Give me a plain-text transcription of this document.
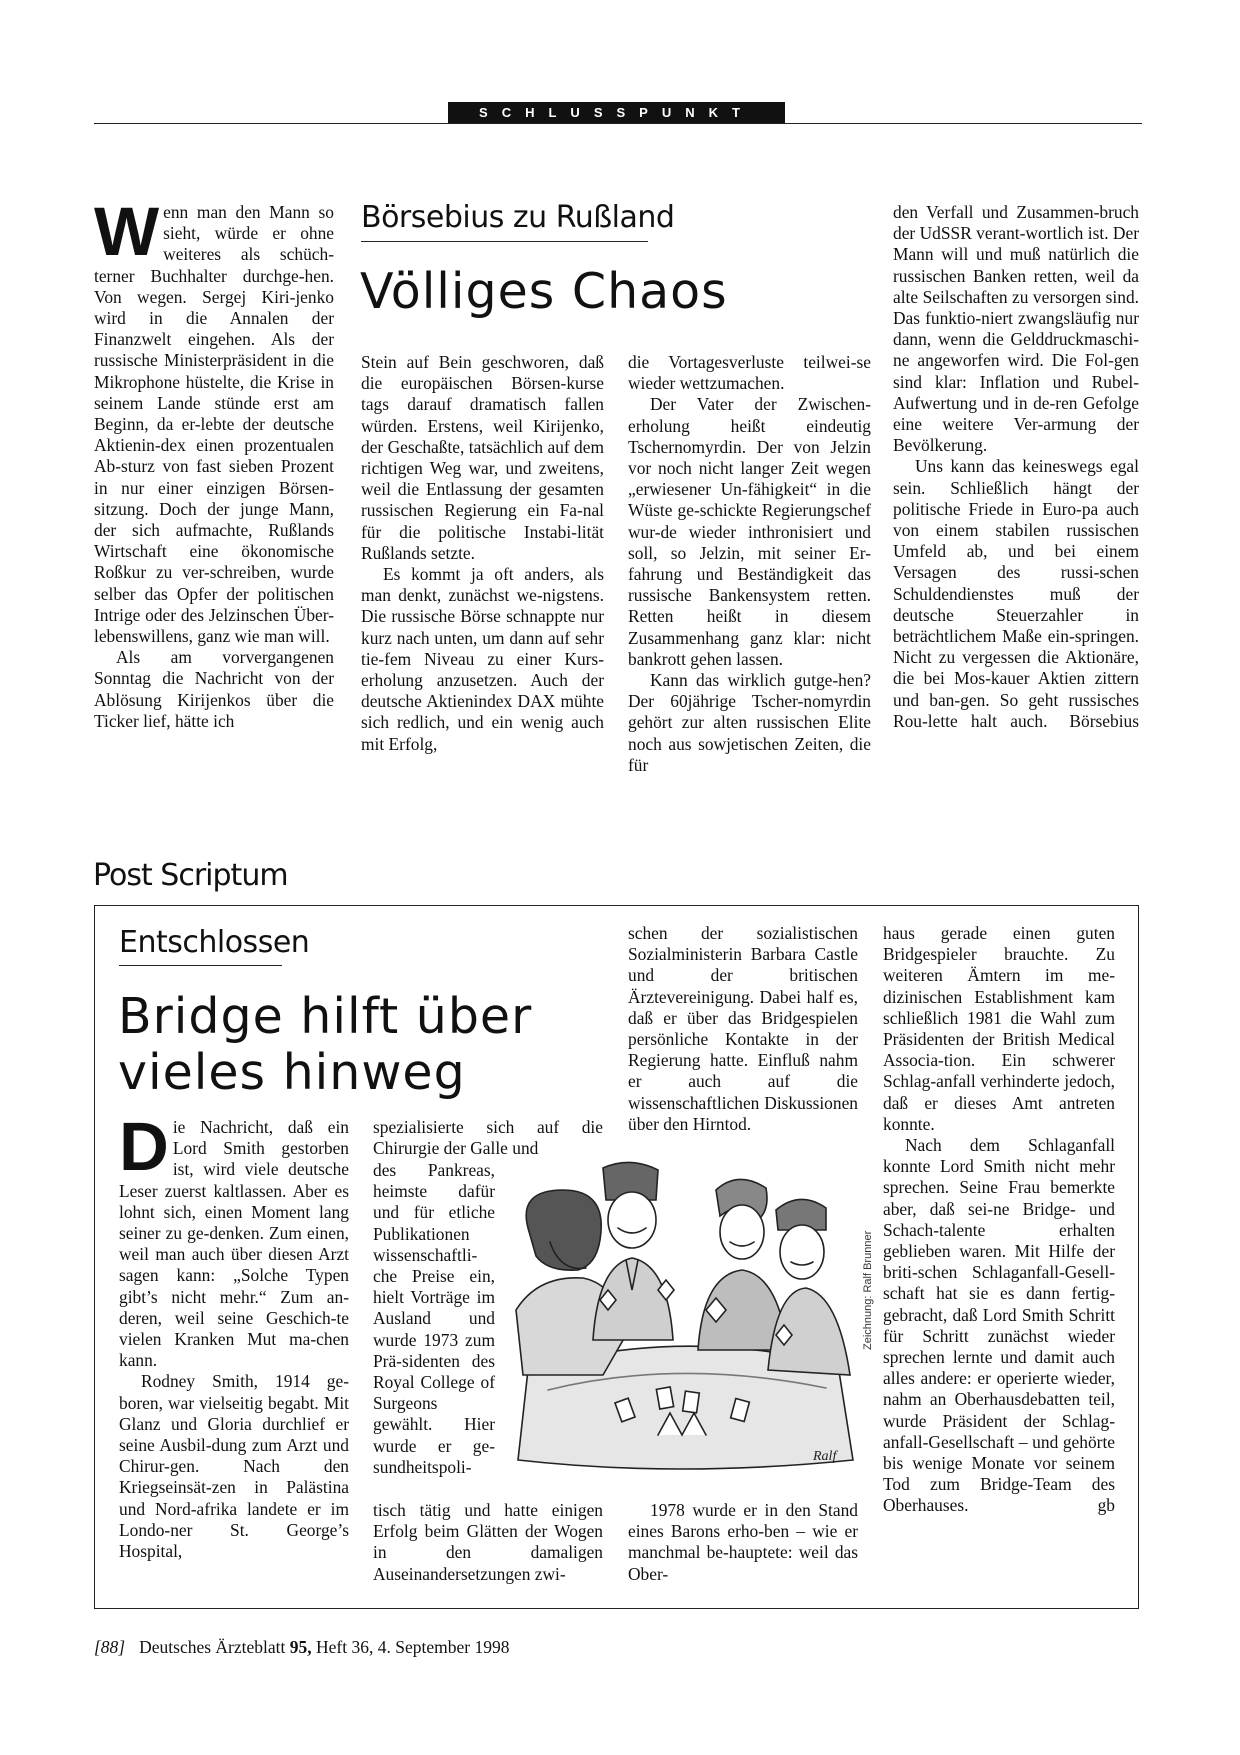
SCHLUSSPUNKT

Wenn man den Mann so sieht, würde er ohne weiteres als schüch-terner Buchhalter durchge-hen. Von wegen. Sergej Kiri-jenko wird in die Annalen der Finanzwelt eingehen. Als der russische Ministerpräsident in die Mikrophone hüstelte, die Krise in seinem Lande stünde erst am Beginn, da er-lebte der deutsche Aktienin-dex einen prozentualen Ab-sturz von fast sieben Prozent in nur einer einzigen Börsen-sitzung. Doch der junge Mann, der sich aufmachte, Rußlands Wirtschaft eine ökonomische Roßkur zu ver-schreiben, wurde selber das Opfer der politischen Intrige oder des Jelzinschen Über-lebenswillens, ganz wie man will.

Als am vorvergangenen Sonntag die Nachricht von der Ablösung Kirijenkos über die Ticker lief, hätte ich

Börsebius zu Rußland
Völliges Chaos

Stein auf Bein geschworen, daß die europäischen Börsen-kurse tags darauf dramatisch fallen würden. Erstens, weil Kirijenko, der Geschaßte, tatsächlich auf dem richtigen Weg war, und zweitens, weil die Entlassung der gesamten russischen Regierung ein Fa-nal für die politische Instabi-lität Rußlands setzte.

Es kommt ja oft anders, als man denkt, zunächst we-nigstens. Die russische Börse schnappte nur kurz nach unten, um dann auf sehr tie-fem Niveau zu einer Kurs-erholung anzusetzen. Auch der deutsche Aktienindex DAX mühte sich redlich, und ein wenig auch mit Erfolg,

die Vortagesverluste teilwei-se wieder wettzumachen.

Der Vater der Zwischen-erholung heißt eindeutig Tschernomyrdin. Der von Jelzin vor noch nicht langer Zeit wegen „erwiesener Un-fähigkeit“ in die Wüste ge-schickte Regierungschef wur-de wieder inthronisiert und soll, so Jelzin, mit seiner Er-fahrung und Beständigkeit das russische Bankensystem retten. Retten heißt in diesem Zusammenhang ganz klar: nicht bankrott gehen lassen.

Kann das wirklich gutge-hen? Der 60jährige Tscher-nomyrdin gehört zur alten russischen Elite noch aus sowjetischen Zeiten, die für

den Verfall und Zusammen-bruch der UdSSR verant-wortlich ist. Der Mann will und muß natürlich die russischen Banken retten, weil da alte Seilschaften zu versorgen sind. Das funktio-niert zwangsläufig nur dann, wenn die Gelddruckmaschi-ne angeworfen wird. Die Fol-gen sind klar: Inflation und Rubel-Aufwertung und in de-ren Gefolge eine weitere Ver-armung der Bevölkerung.

Uns kann das keineswegs egal sein. Schließlich hängt der politische Friede in Euro-pa auch von einem stabilen russischen Umfeld ab, und bei einem Versagen des russi-schen Schuldendienstes muß der deutsche Steuerzahler in beträchtlichem Maße ein-springen. Nicht zu vergessen die Aktionäre, die bei Mos-kauer Aktien zittern und ban-gen. So geht russisches Rou-lette halt auch.	Börsebius

Post Scriptum
Entschlossen
Bridge hilft über
vieles hinweg

Die Nachricht, daß ein Lord Smith gestorben ist, wird viele deutsche Leser zuerst kaltlassen. Aber es lohnt sich, einen Moment lang seiner zu ge-denken. Zum einen, weil man auch über diesen Arzt sagen kann: „Solche Typen gibt’s nicht mehr.“ Zum an-deren, weil seine Geschich-te vielen Kranken Mut ma-chen kann.

Rodney Smith, 1914 ge-boren, war vielseitig begabt. Mit Glanz und Gloria durchlief er seine Ausbil-dung zum Arzt und Chirur-gen. Nach den Kriegseinsät-zen in Palästina und Nord-afrika landete er im Londo-ner St. George’s Hospital,

spezialisierte sich auf die Chirurgie der Galle und

des Pankreas, heimste dafür und für etliche Publikationen wissenschaftli-che Preise ein, hielt Vorträge im Ausland und wurde 1973 zum Prä-sidenten des Royal College of Surgeons gewählt. Hier wurde er ge-sundheitspoli-

tisch tätig und hatte einigen Erfolg beim Glätten der Wogen in den damaligen Auseinandersetzungen zwi-

schen der sozialistischen Sozialministerin Barbara Castle und der britischen Ärztevereinigung. Dabei half es, daß er über das Bridgespielen persönliche Kontakte in der Regierung hatte. Einfluß nahm er auch auf die wissenschaftlichen Diskussionen über den Hirntod.

1978 wurde er in den Stand eines Barons erho-ben – wie er manchmal be-hauptete: weil das Ober-

haus gerade einen guten Bridgespieler brauchte. Zu weiteren Ämtern im me-dizinischen Establishment kam schließlich 1981 die Wahl zum Präsidenten der British Medical Associa-tion. Ein schwerer Schlag-anfall verhinderte jedoch, daß er dieses Amt antreten konnte.

Nach dem Schlaganfall konnte Lord Smith nicht mehr sprechen. Seine Frau bemerkte aber, daß sei-ne Bridge- und Schach-talente erhalten geblieben waren. Mit Hilfe der briti-schen Schlaganfall-Gesell-schaft hat sie es dann fertig-gebracht, daß Lord Smith Schritt für Schritt zunächst wieder sprechen lernte und damit auch alles andere: er operierte wieder, nahm an Oberhausdebatten teil, wurde Präsident der Schlag-anfall-Gesellschaft – und gehörte bis wenige Monate vor seinem Tod zum Bridge-Team des Oberhauses.	gb

Ralf
Zeichnung: Ralf Brunner
[88] Deutsches Ärzteblatt 95, Heft 36, 4. September 1998
